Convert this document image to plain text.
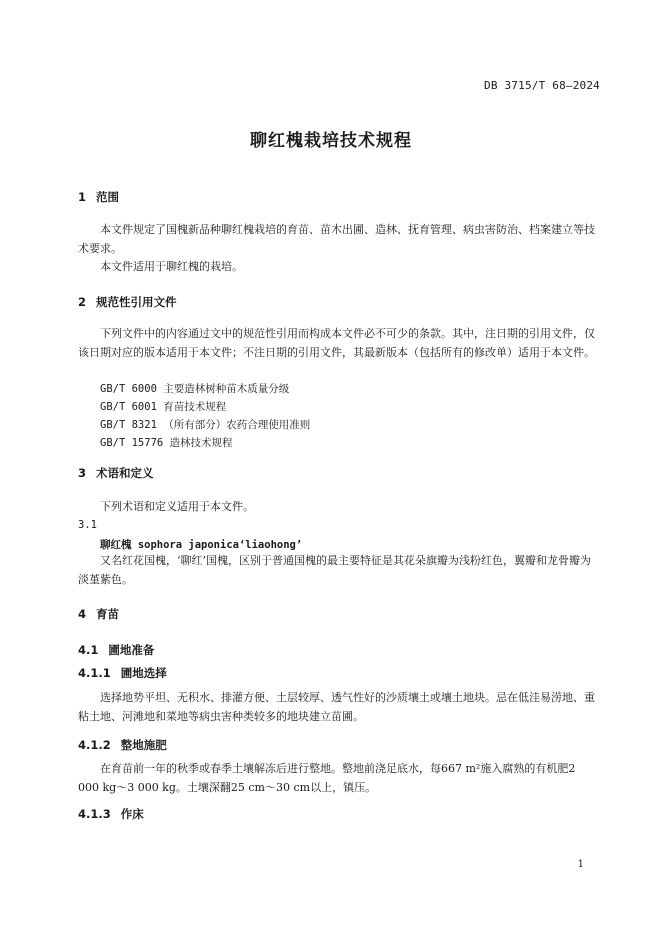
DB 3715/T 68—2024
聊红槐栽培技术规程
1 范围
本文件规定了国槐新品种聊红槐栽培的育苗、苗木出圃、造林、抚育管理、病虫害防治、档案建立等技术要求。
本文件适用于聊红槐的栽培。
2 规范性引用文件
下列文件中的内容通过文中的规范性引用而构成本文件必不可少的条款。其中，注日期的引用文件，仅该日期对应的版本适用于本文件；不注日期的引用文件，其最新版本（包括所有的修改单）适用于本文件。
GB/T 6000 主要造林树种苗木质量分级
GB/T 6001 育苗技术规程
GB/T 8321 （所有部分）农药合理使用准则
GB/T 15776 造林技术规程
3 术语和定义
下列术语和定义适用于本文件。
3.1
聊红槐 sophora japonica‘liaohong’
又名红花国槐，‘聊红’国槐，区别于普通国槐的最主要特征是其花朵旗瓣为浅粉红色，翼瓣和龙骨瓣为淡堇紫色。
4 育苗
4.1 圃地准备
4.1.1 圃地选择
选择地势平坦、无积水、排灌方便、土层较厚、透气性好的沙质壤土或壤土地块。忌在低洼易涝地、重粘土地、河滩地和菜地等病虫害种类较多的地块建立苗圃。
4.1.2 整地施肥
在育苗前一年的秋季或春季土壤解冻后进行整地。整地前浇足底水，每667 m²施入腐熟的有机肥2 000 kg～3 000 kg。土壤深翻25 cm～30 cm以上，镇压。
4.1.3 作床
1
